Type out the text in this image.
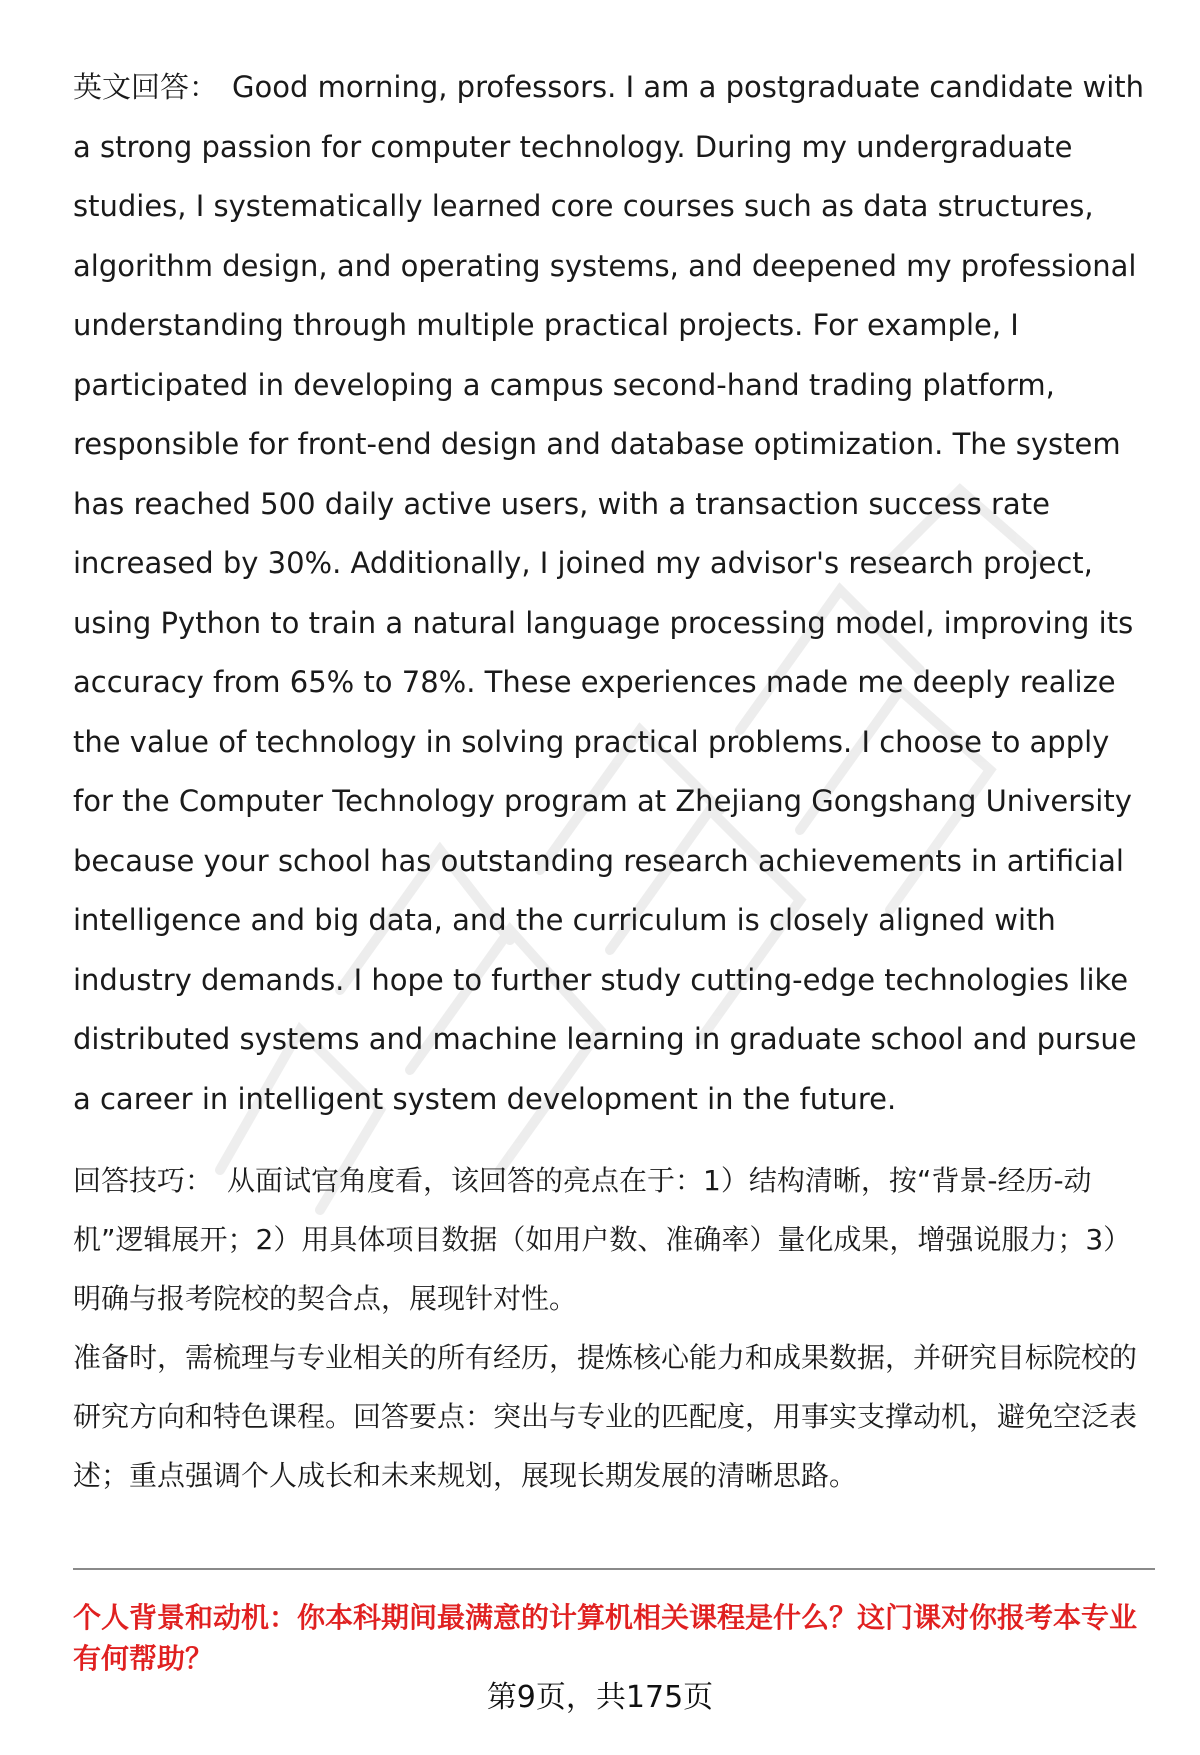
英文回答： Good morning, professors. I am a postgraduate candidate with a strong passion for computer technology. During my undergraduate studies, I systematically learned core courses such as data structures, algorithm design, and operating systems, and deepened my professional understanding through multiple practical projects. For example, I participated in developing a campus second-hand trading platform, responsible for front-end design and database optimization. The system has reached 500 daily active users, with a transaction success rate increased by 30%. Additionally, I joined my advisor's research project, using Python to train a natural language processing model, improving its accuracy from 65% to 78%. These experiences made me deeply realize the value of technology in solving practical problems. I choose to apply for the Computer Technology program at Zhejiang Gongshang University because your school has outstanding research achievements in artificial intelligence and big data, and the curriculum is closely aligned with industry demands. I hope to further study cutting-edge technologies like distributed systems and machine learning in graduate school and pursue a career in intelligent system development in the future.

回答技巧： 从面试官角度看，该回答的亮点在于：1）结构清晰，按“背景-经历-动机”逻辑展开；2）用具体项目数据（如用户数、准确率）量化成果，增强说服力；3）明确与报考院校的契合点，展现针对性。

准备时，需梳理与专业相关的所有经历，提炼核心能力和成果数据，并研究目标院校的研究方向和特色课程。回答要点：突出与专业的匹配度，用事实支撑动机，避免空泛表述；重点强调个人成长和未来规划，展现长期发展的清晰思路。

个人背景和动机：你本科期间最满意的计算机相关课程是什么？这门课对你报考本专业有何帮助？

第9页，共175页
